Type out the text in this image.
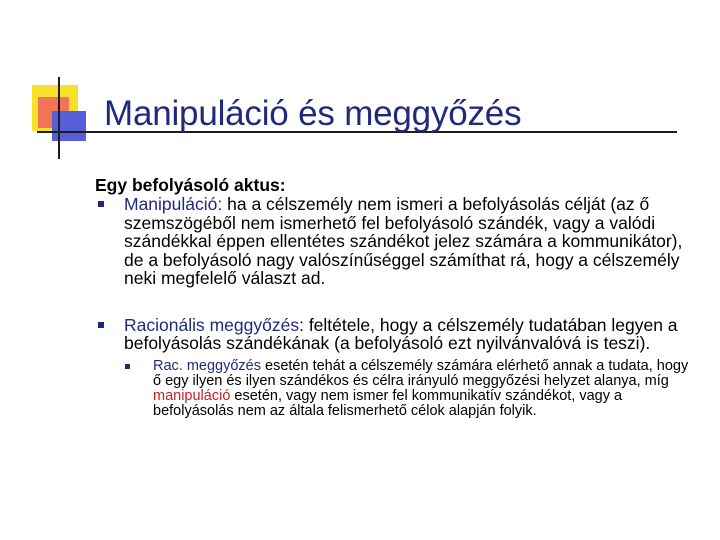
Manipuláció és meggyőzés
Egy befolyásoló aktus:
Manipuláció: ha a célszemély nem ismeri a befolyásolás célját (az ő szemszögéből nem ismerhető fel befolyásoló szándék, vagy a valódi szándékkal éppen ellentétes szándékot jelez számára a kommunikátor), de a befolyásoló nagy valószínűséggel számíthat rá, hogy a célszemély neki megfelelő választ ad.
Racionális meggyőzés: feltétele, hogy a célszemély tudatában legyen a befolyásolás szándékának (a befolyásoló ezt nyilvánvalóvá is teszi).
Rac. meggyőzés esetén tehát a célszemély számára elérhető annak a tudata, hogy ő egy ilyen és ilyen szándékos és célra irányuló meggyőzési helyzet alanya, míg manipuláció esetén, vagy nem ismer fel kommunikatív szándékot, vagy a befolyásolás nem az általa felismerhető célok alapján folyik.
